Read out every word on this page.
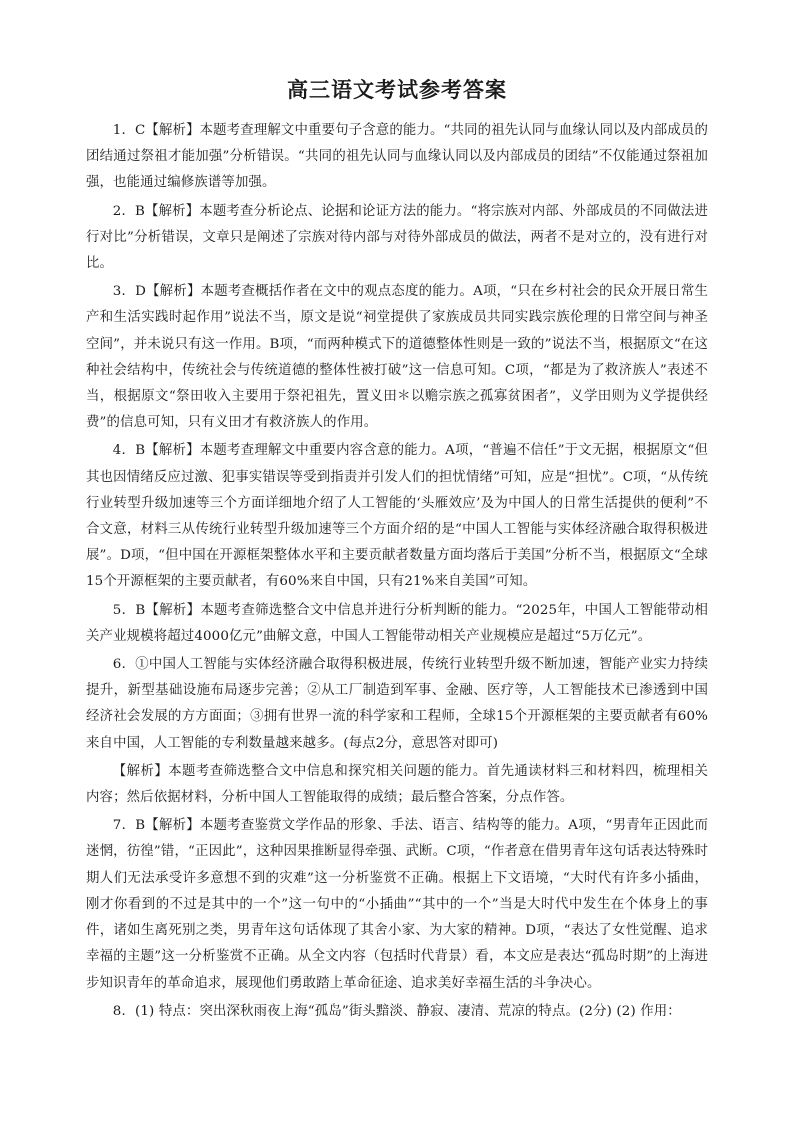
高三语文考试参考答案

1．C【解析】本题考查理解文中重要句子含意的能力。“共同的祖先认同与血缘认同以及内部成员的团结通过祭祖才能加强”分析错误。“共同的祖先认同与血缘认同以及内部成员的团结”不仅能通过祭祖加强，也能通过编修族谱等加强。

2．B【解析】本题考查分析论点、论据和论证方法的能力。“将宗族对内部、外部成员的不同做法进行对比”分析错误，文章只是阐述了宗族对待内部与对待外部成员的做法，两者不是对立的，没有进行对比。

3．D【解析】本题考查概括作者在文中的观点态度的能力。A项，“只在乡村社会的民众开展日常生产和生活实践时起作用”说法不当，原文是说“祠堂提供了家族成员共同实践宗族伦理的日常空间与神圣空间”，并未说只有这一作用。B项，“而两种模式下的道德整体性则是一致的”说法不当，根据原文“在这种社会结构中，传统社会与传统道德的整体性被打破”这一信息可知。C项，“都是为了救济族人”表述不当，根据原文“祭田收入主要用于祭祀祖先，置义田＊以赡宗族之孤寡贫困者”，义学田则为义学提供经费”的信息可知，只有义田才有救济族人的作用。

4．B【解析】本题考查理解文中重要内容含意的能力。A项，“普遍不信任”于文无据，根据原文“但其也因情绪反应过激、犯事实错误等受到指责并引发人们的担忧情绪”可知，应是“担忧”。C项，“从传统行业转型升级加速等三个方面详细地介绍了人工智能的‘头雁效应’及为中国人的日常生活提供的便利”不合文意，材料三从传统行业转型升级加速等三个方面介绍的是“中国人工智能与实体经济融合取得积极进展”。D项，“但中国在开源框架整体水平和主要贡献者数量方面均落后于美国”分析不当，根据原文“全球15个开源框架的主要贡献者，有60%来自中国，只有21%来自美国”可知。

5．B【解析】本题考查筛选整合文中信息并进行分析判断的能力。“2025年，中国人工智能带动相关产业规模将超过4000亿元”曲解文意，中国人工智能带动相关产业规模应是超过“5万亿元”。

6．①中国人工智能与实体经济融合取得积极进展，传统行业转型升级不断加速，智能产业实力持续提升，新型基础设施布局逐步完善；②从工厂制造到军事、金融、医疗等，人工智能技术已渗透到中国经济社会发展的方方面面；③拥有世界一流的科学家和工程师，全球15个开源框架的主要贡献者有60%来自中国，人工智能的专利数量越来越多。(每点2分，意思答对即可)

【解析】本题考查筛选整合文中信息和探究相关问题的能力。首先通读材料三和材料四，梳理相关内容；然后依据材料，分析中国人工智能取得的成绩；最后整合答案，分点作答。

7．B【解析】本题考查鉴赏文学作品的形象、手法、语言、结构等的能力。A项，“男青年正因此而迷惘，彷徨”错，“正因此”，这种因果推断显得牵强、武断。C项，“作者意在借男青年这句话表达特殊时期人们无法承受许多意想不到的灾难”这一分析鉴赏不正确。根据上下文语境，“大时代有许多小插曲，刚才你看到的不过是其中的一个”这一句中的“小插曲”“其中的一个”当是大时代中发生在个体身上的事件，诸如生离死别之类，男青年这句话体现了其舍小家、为大家的精神。D项，“表达了女性觉醒、追求幸福的主题”这一分析鉴赏不正确。从全文内容（包括时代背景）看，本文应是表达“孤岛时期”的上海进步知识青年的革命追求，展现他们勇敢踏上革命征途、追求美好幸福生活的斗争决心。

8．(1) 特点：突出深秋雨夜上海“孤岛”街头黯淡、静寂、凄清、荒凉的特点。(2分) (2) 作用：
